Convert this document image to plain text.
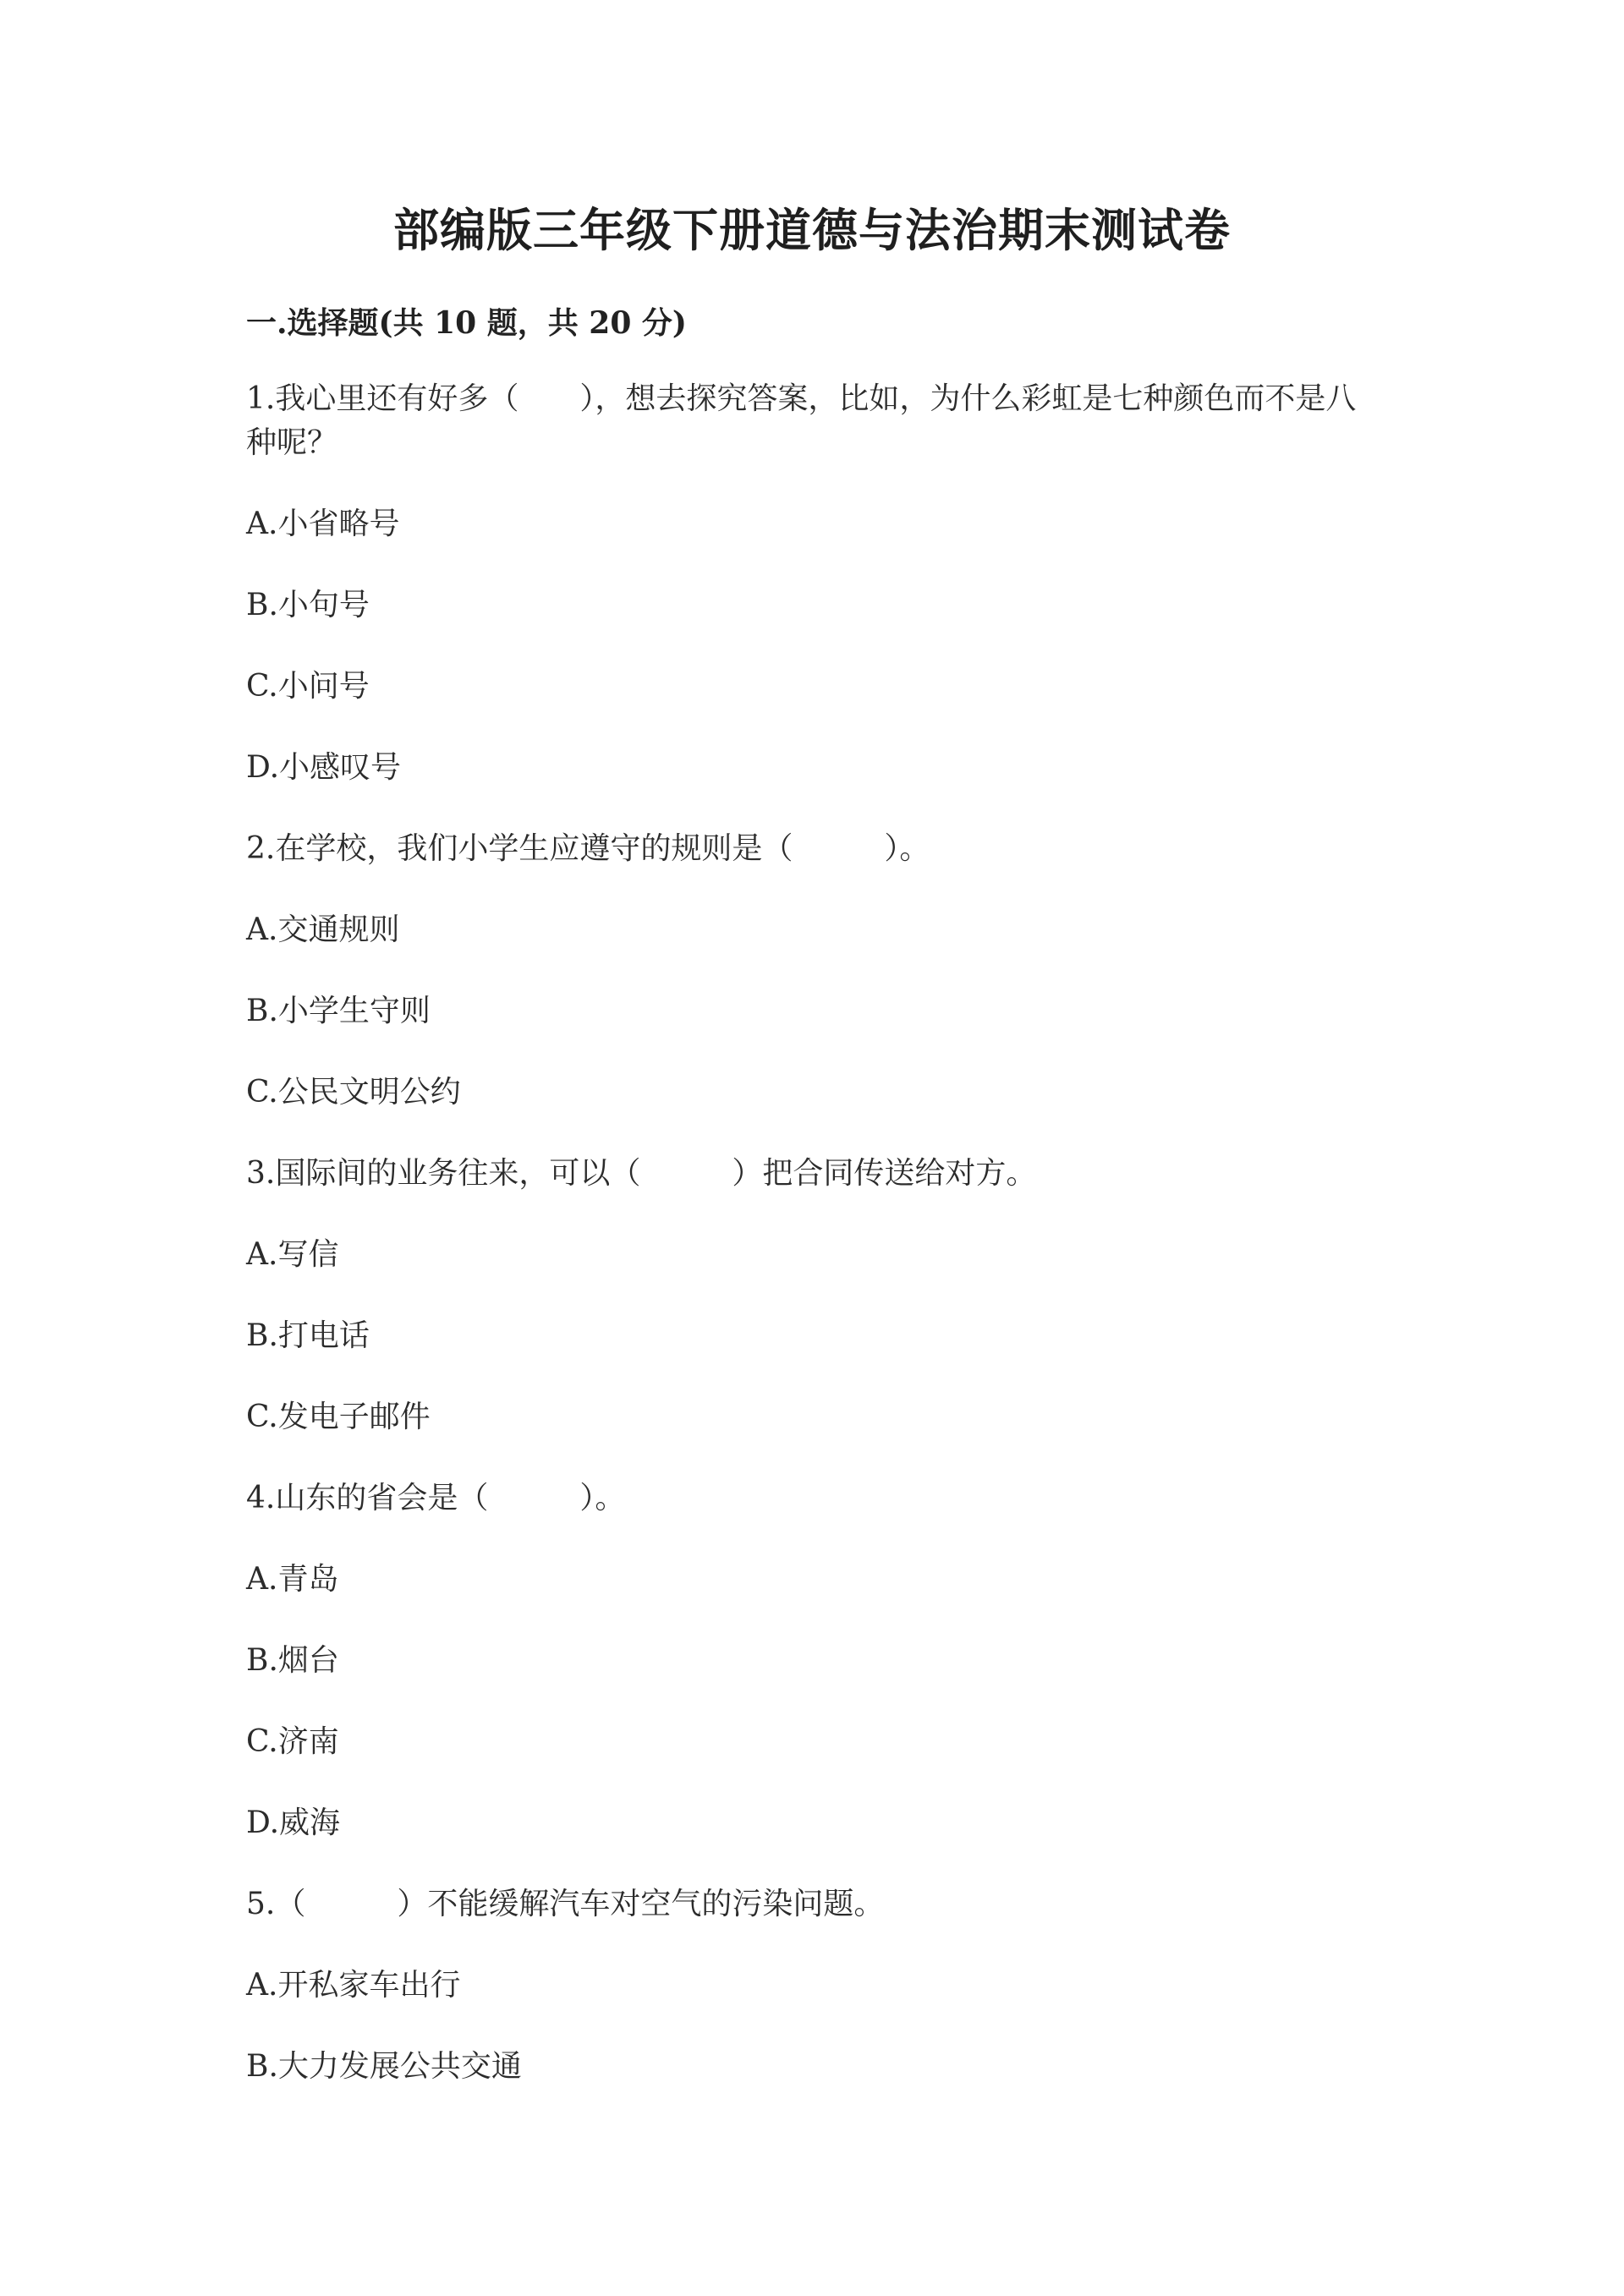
部编版三年级下册道德与法治期末测试卷
一.选择题(共 10 题，共 20 分)

1.我心里还有好多（　　），想去探究答案，比如，为什么彩虹是七种颜色而不是八种呢？

A.小省略号

B.小句号

C.小问号

D.小感叹号

2.在学校，我们小学生应遵守的规则是（　　　）。

A.交通规则

B.小学生守则

C.公民文明公约

3.国际间的业务往来，可以（　　　）把合同传送给对方。

A.写信

B.打电话

C.发电子邮件

4.山东的省会是（　　　）。

A.青岛

B.烟台

C.济南

D.威海

5.（　　　）不能缓解汽车对空气的污染问题。

A.开私家车出行

B.大力发展公共交通
